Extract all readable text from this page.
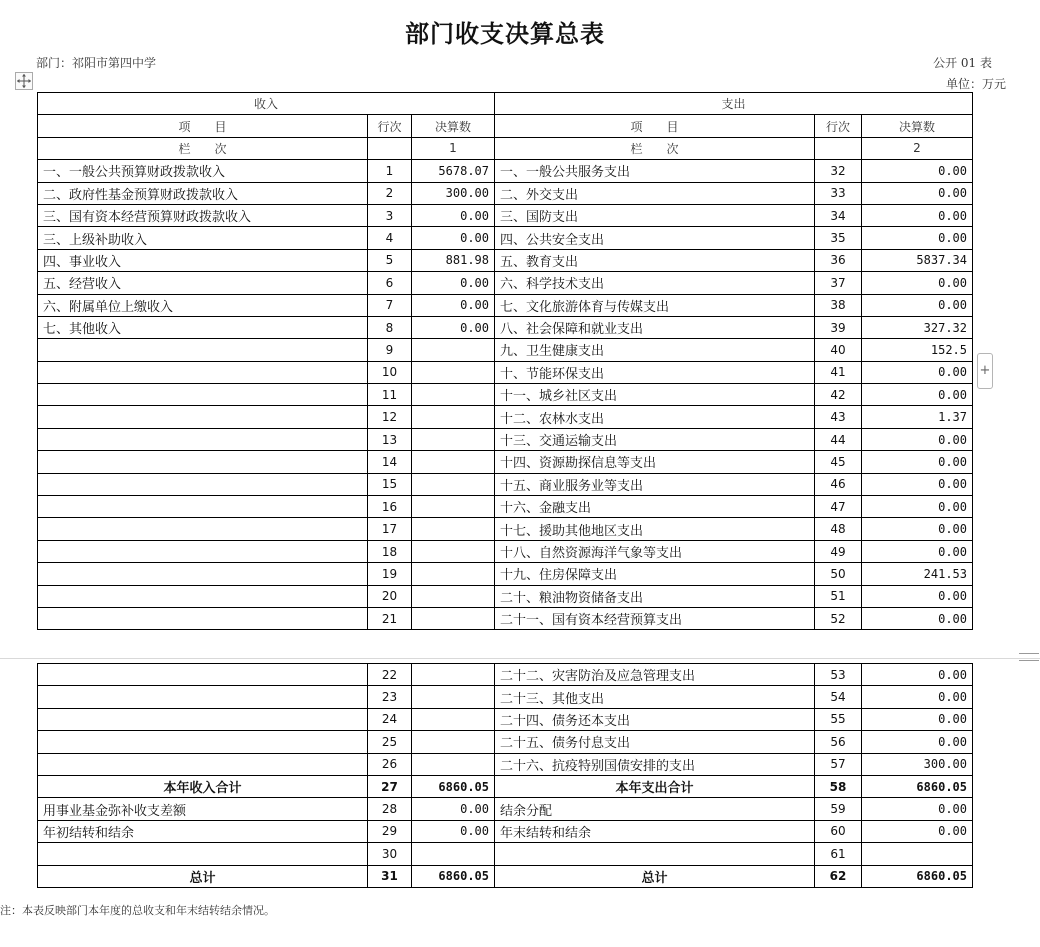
部门收支决算总表
部门：祁阳市第四中学	公开 01 表
单位：万元
收入			支出		
项　　目	行次	决算数	项　　目	行次	决算数
栏　　次		1	栏　　次		2
一、一般公共预算财政拨款收入	1	5678.07	一、一般公共服务支出	32	0.00
二、政府性基金预算财政拨款收入	2	300.00	二、外交支出	33	0.00
三、国有资本经营预算财政拨款收入	3	0.00	三、国防支出	34	0.00
三、上级补助收入	4	0.00	四、公共安全支出	35	0.00
四、事业收入	5	881.98	五、教育支出	36	5837.34
五、经营收入	6	0.00	六、科学技术支出	37	0.00
六、附属单位上缴收入	7	0.00	七、文化旅游体育与传媒支出	38	0.00
七、其他收入	8	0.00	八、社会保障和就业支出	39	327.32
	9		九、卫生健康支出	40	152.5
	10		十、节能环保支出	41	0.00
	11		十一、城乡社区支出	42	0.00
	12		十二、农林水支出	43	1.37
	13		十三、交通运输支出	44	0.00
	14		十四、资源勘探信息等支出	45	0.00
	15		十五、商业服务业等支出	46	0.00
	16		十六、金融支出	47	0.00
	17		十七、援助其他地区支出	48	0.00
	18		十八、自然资源海洋气象等支出	49	0.00
	19		十九、住房保障支出	50	241.53
	20		二十、粮油物资储备支出	51	0.00
	21		二十一、国有资本经营预算支出	52	0.00
+
	22		二十二、灾害防治及应急管理支出	53	0.00
	23		二十三、其他支出	54	0.00
	24		二十四、债务还本支出	55	0.00
	25		二十五、债务付息支出	56	0.00
	26		二十六、抗疫特别国债安排的支出	57	300.00
本年收入合计	27	6860.05	本年支出合计	58	6860.05
用事业基金弥补收支差额	28	0.00	结余分配	59	0.00
年初结转和结余	29	0.00	年末结转和结余	60	0.00
	30			61	
总计	31	6860.05	总计	62	6860.05
注：本表反映部门本年度的总收支和年末结转结余情况。
